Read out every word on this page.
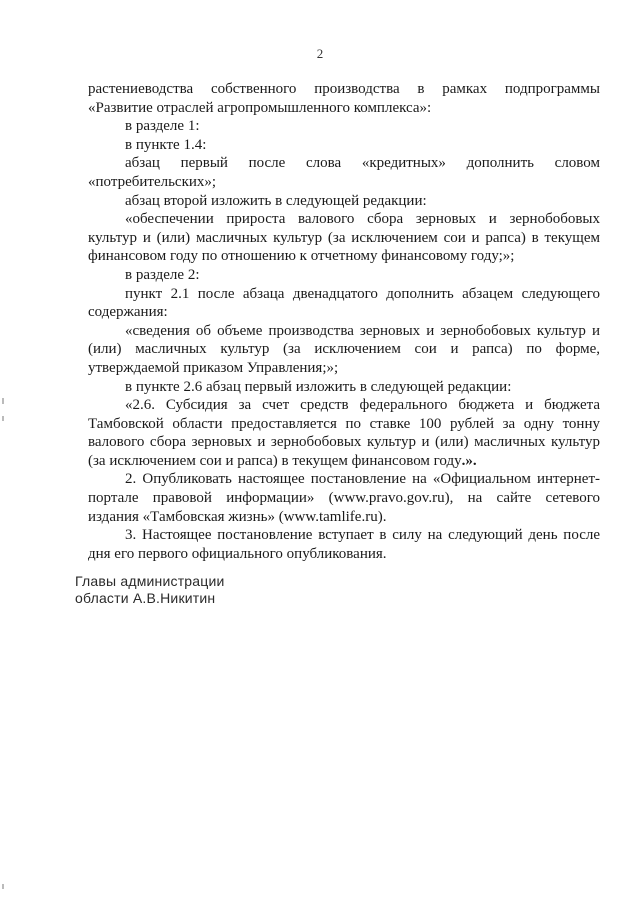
2

растениеводства собственного производства в рамках подпрограммы

«Развитие отраслей агропромышленного комплекса»:

в разделе 1:

в пункте 1.4:

абзац первый после слова «кредитных» дополнить словом

«потребительских»;

абзац второй изложить в следующей редакции:

«обеспечении прироста валового сбора зерновых и зернобобовых

культур и (или) масличных культур (за исключением сои и рапса) в текущем

финансовом году по отношению к отчетному финансовому году;»;

в разделе 2:

пункт 2.1 после абзаца двенадцатого дополнить абзацем следующего

содержания:

«сведения об объеме производства зерновых и зернобобовых культур и

(или) масличных культур (за исключением сои и рапса) по форме,

утверждаемой приказом Управления;»;

в пункте 2.6 абзац первый изложить в следующей редакции:

«2.6. Субсидия за счет средств федерального бюджета и бюджета

Тамбовской области предоставляется по ставке 100 рублей за одну тонну

валового сбора зерновых и зернобобовых культур и (или) масличных культур

(за исключением сои и рапса) в текущем финансовом году.».

2. Опубликовать настоящее постановление на «Официальном интернет-

портале правовой информации» (www.pravo.gov.ru), на сайте сетевого

издания «Тамбовская жизнь» (www.tamlife.ru).

3. Настоящее постановление вступает в силу на следующий день после

дня его первого официального опубликования.

Главы администрации
области А.В.Никитин
